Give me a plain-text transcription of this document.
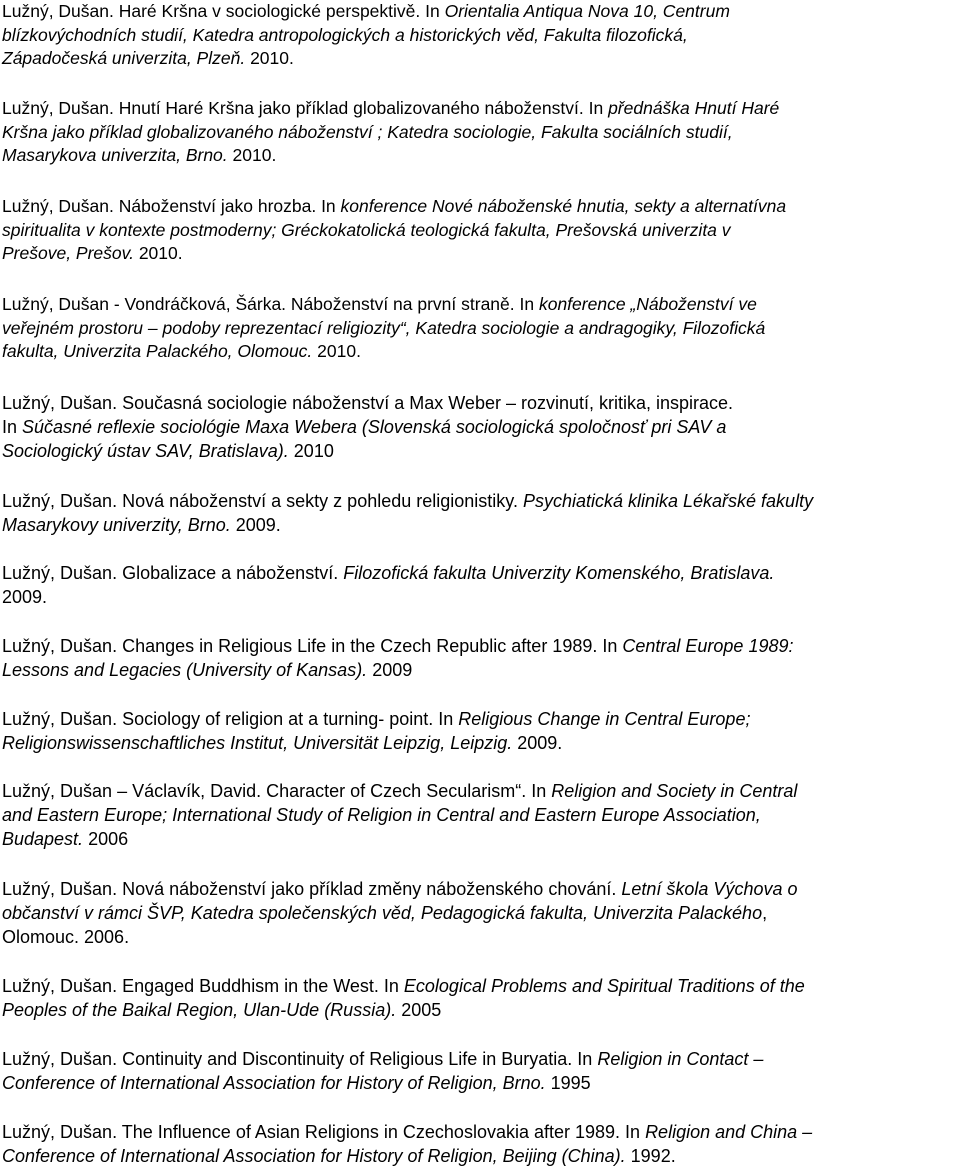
Lužný, Dušan. Haré Kršna v sociologické perspektivě. In Orientalia Antiqua Nova 10, Centrum
blízkovýchodních studií, Katedra antropologických a historických věd, Fakulta filozofická,
Západočeská univerzita, Plzeň. 2010.
Lužný, Dušan. Hnutí Haré Kršna jako příklad globalizovaného náboženství. In přednáška Hnutí Haré
Kršna jako příklad globalizovaného náboženství ; Katedra sociologie, Fakulta sociálních studií,
Masarykova univerzita, Brno. 2010.
Lužný, Dušan. Náboženství jako hrozba. In konference Nové náboženské hnutia, sekty a alternatívna
spiritualita v kontexte postmoderny; Gréckokatolická teologická fakulta, Prešovská univerzita v
Prešove, Prešov. 2010.
Lužný, Dušan - Vondráčková, Šárka. Náboženství na první straně. In konference „Náboženství ve
veřejném prostoru – podoby reprezentací religiozity“, Katedra sociologie a andragogiky, Filozofická
fakulta, Univerzita Palackého, Olomouc. 2010.
Lužný, Dušan. Současná sociologie náboženství a Max Weber – rozvinutí, kritika, inspirace.
In Súčasné reflexie sociológie Maxa Webera (Slovenská sociologická spoločnosť pri SAV a
Sociologický ústav SAV, Bratislava). 2010
Lužný, Dušan. Nová náboženství a sekty z pohledu religionistiky. Psychiatická klinika Lékařské fakulty
Masarykovy univerzity, Brno. 2009.
Lužný, Dušan. Globalizace a náboženství. Filozofická fakulta Univerzity Komenského, Bratislava.
2009.
Lužný, Dušan. Changes in Religious Life in the Czech Republic after 1989. In Central Europe 1989:
Lessons and Legacies (University of Kansas). 2009
Lužný, Dušan. Sociology of religion at a turning- point. In Religious Change in Central Europe;
Religionswissenschaftliches Institut, Universität Leipzig, Leipzig. 2009.
Lužný, Dušan – Václavík, David. Character of Czech Secularism“. In Religion and Society in Central
and Eastern Europe; International Study of Religion in Central and Eastern Europe Association,
Budapest. 2006
Lužný, Dušan. Nová náboženství jako příklad změny náboženského chování. Letní škola Výchova o
občanství v rámci ŠVP, Katedra společenských věd, Pedagogická fakulta, Univerzita Palackého,
Olomouc. 2006.
Lužný, Dušan. Engaged Buddhism in the West. In Ecological Problems and Spiritual Traditions of the
Peoples of the Baikal Region, Ulan-Ude (Russia). 2005
Lužný, Dušan. Continuity and Discontinuity of Religious Life in Buryatia. In Religion in Contact –
Conference of International Association for History of Religion, Brno. 1995
Lužný, Dušan. The Influence of Asian Religions in Czechoslovakia after 1989. In Religion and China –
Conference of International Association for History of Religion, Beijing (China). 1992.
